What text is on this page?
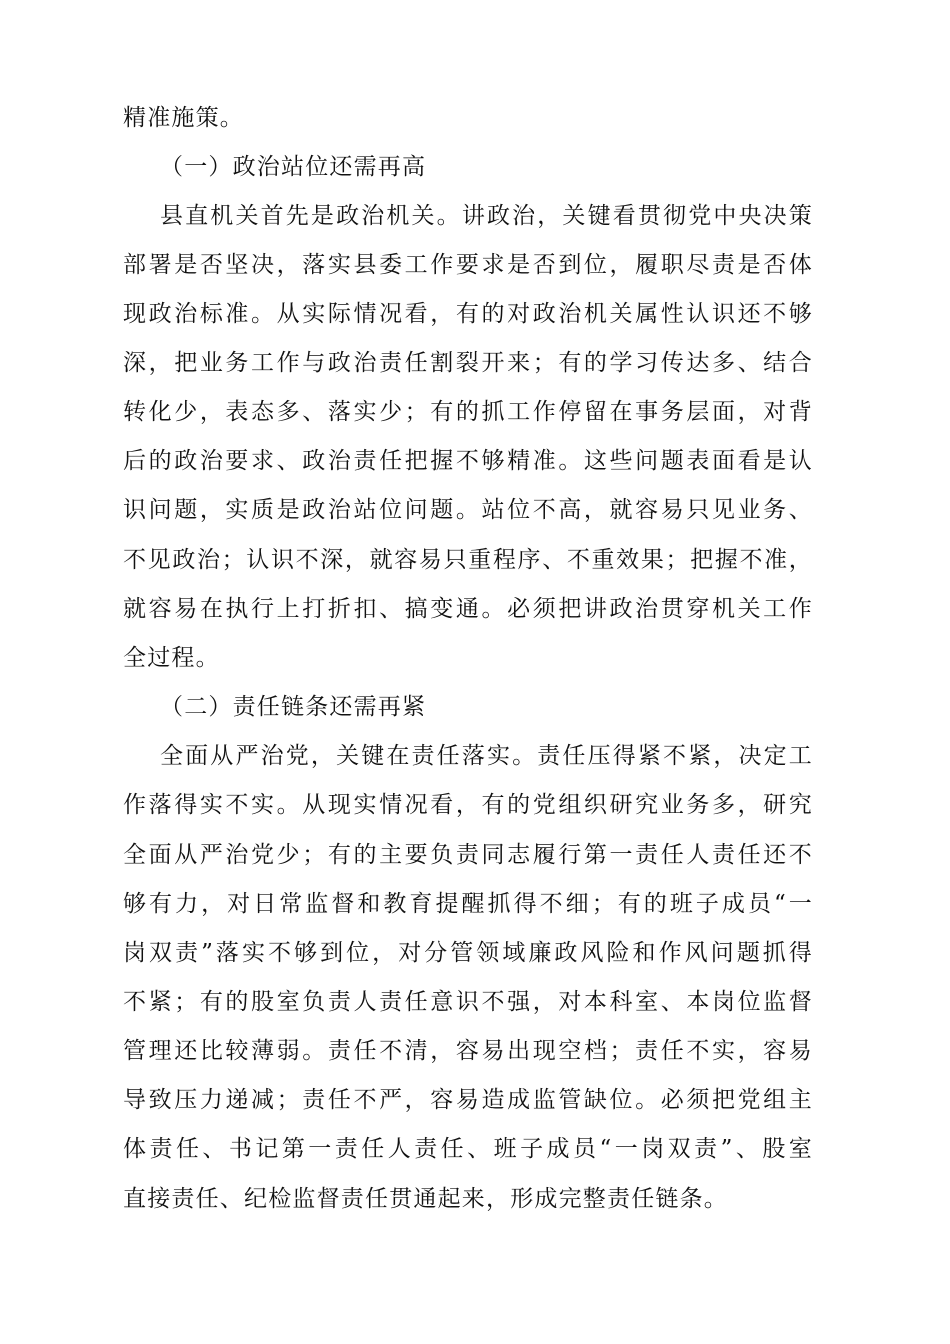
精准施策。
（一）政治站位还需再高
县直机关首先是政治机关。讲政治，关键看贯彻党中央决策
部署是否坚决，落实县委工作要求是否到位，履职尽责是否体
现政治标准。从实际情况看，有的对政治机关属性认识还不够
深，把业务工作与政治责任割裂开来；有的学习传达多、结合
转化少，表态多、落实少；有的抓工作停留在事务层面，对背
后的政治要求、政治责任把握不够精准。这些问题表面看是认
识问题，实质是政治站位问题。站位不高，就容易只见业务、
不见政治；认识不深，就容易只重程序、不重效果；把握不准，
就容易在执行上打折扣、搞变通。必须把讲政治贯穿机关工作
全过程。
（二）责任链条还需再紧
全面从严治党，关键在责任落实。责任压得紧不紧，决定工
作落得实不实。从现实情况看，有的党组织研究业务多，研究
全面从严治党少；有的主要负责同志履行第一责任人责任还不
够有力，对日常监督和教育提醒抓得不细；有的班子成员“一
岗双责”落实不够到位，对分管领域廉政风险和作风问题抓得
不紧；有的股室负责人责任意识不强，对本科室、本岗位监督
管理还比较薄弱。责任不清，容易出现空档；责任不实，容易
导致压力递减；责任不严，容易造成监管缺位。必须把党组主
体责任、书记第一责任人责任、班子成员“一岗双责”、股室
直接责任、纪检监督责任贯通起来，形成完整责任链条。
